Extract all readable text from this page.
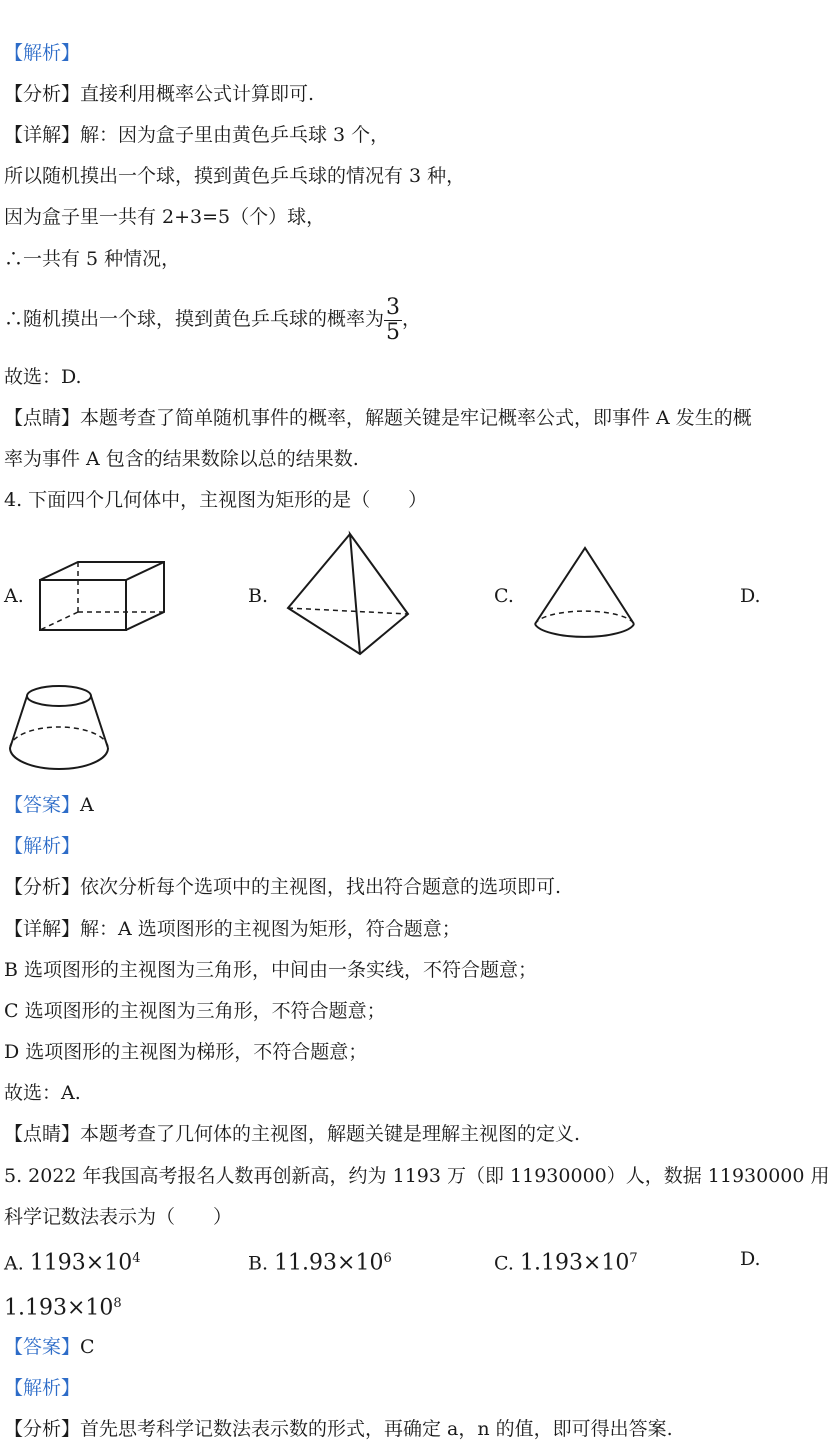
【解析】
【分析】直接利用概率公式计算即可.
【详解】解：因为盒子里由黄色乒乓球 3 个，
所以随机摸出一个球，摸到黄色乒乓球的情况有 3 种，
因为盒子里一共有 2+3=5（个）球，
∴一共有 5 种情况，
∴随机摸出一个球，摸到黄色乒乓球的概率为 $\frac{3}{5}$ ，
故选：D.
【点睛】本题考查了简单随机事件的概率，解题关键是牢记概率公式，即事件 A 发生的概
率为事件 A 包含的结果数除以总的结果数.
4. 下面四个几何体中，主视图为矩形的是（　　）
A.	B.	C.	D.
【答案】A
【解析】
【分析】依次分析每个选项中的主视图，找出符合题意的选项即可.
【详解】解：A 选项图形的主视图为矩形，符合题意；
B 选项图形的主视图为三角形，中间由一条实线，不符合题意；
C 选项图形的主视图为三角形，不符合题意；
D 选项图形的主视图为梯形，不符合题意；
故选：A.
【点睛】本题考查了几何体的主视图，解题关键是理解主视图的定义.
5. 2022 年我国高考报名人数再创新高，约为 1193 万（即 11930000）人，数据 11930000 用
科学记数法表示为（　　）
A. $1193\times 10^4$	B. $11.93\times 10^6$	C. $1.193\times 10^7$	D.
$1.193\times 10^8$
【答案】C
【解析】
【分析】首先思考科学记数法表示数的形式，再确定 a，n 的值，即可得出答案.
